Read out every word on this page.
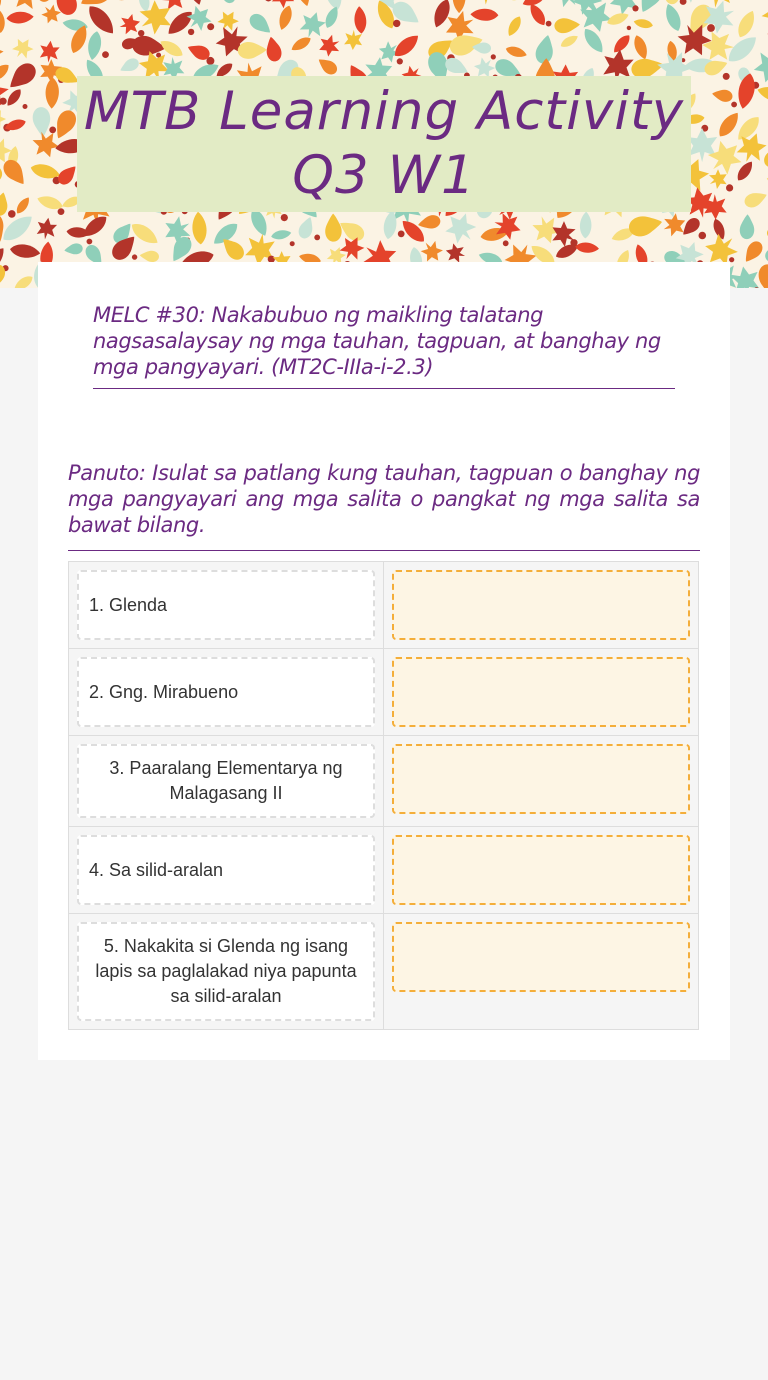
MTB Learning Activity Q3 W1
MELC #30: Nakabubuo ng maikling talatang nagsasalaysay ng mga tauhan, tagpuan, at banghay ng mga pangyayari. (MT2C-IIIa-i-2.3)
Panuto: Isulat sa patlang kung tauhan, tagpuan o banghay ng mga pangyayari ang mga salita o pangkat ng mga salita sa bawat bilang.
1. Glenda	

2. Gng. Mirabueno	

3. Paaralang Elementarya ng Malagasang II	

4. Sa silid-aralan	

5. Nakakita si Glenda ng isang lapis sa paglalakad niya papunta sa silid-aralan	
